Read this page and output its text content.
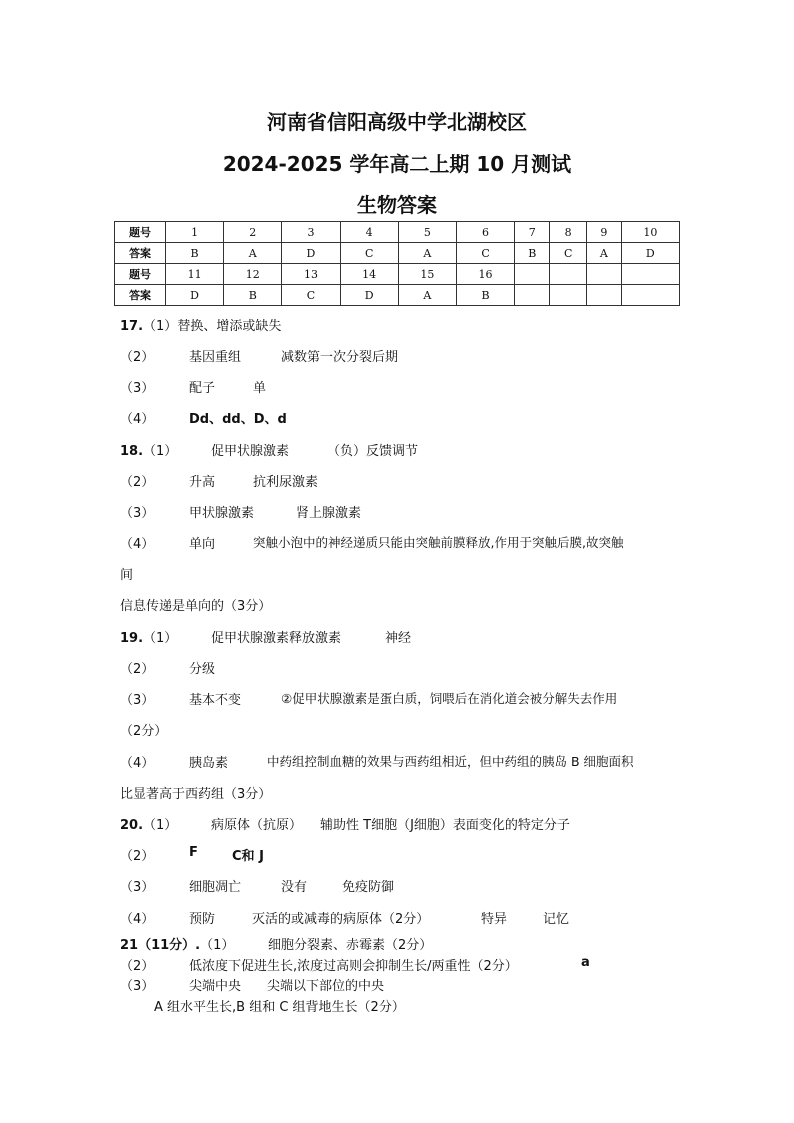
河南省信阳高级中学北湖校区
2024-2025 学年高二上期 10 月测试
生物答案
题号	1	2	3	4	5	6	7	8	9	10
答案	B	A	D	C	A	C	B	C	A	D
题号	11	12	13	14	15	16				
答案	D	B	C	D	A	B				
17.（1）替换、增添或缺失
（2）	基因重组	减数第一次分裂后期
（3）	配子	单
（4）	Dd、dd、D、d
18.（1）	促甲状腺激素	（负）反馈调节
（2）	升高	抗利尿激素
（3）	甲状腺激素	肾上腺激素
（4）	单向	突触小泡中的神经递质只能由突触前膜释放,作用于突触后膜,故突触
间
信息传递是单向的（3分）
19.（1）	促甲状腺激素释放激素	神经
（2）	分级
（3）	基本不变	②促甲状腺激素是蛋白质，饲喂后在消化道会被分解失去作用
（2分）
（4）	胰岛素	中药组控制血糖的效果与西药组相近，但中药组的胰岛 B 细胞面积
比显著高于西药组（3分）
20.（1）	病原体（抗原） 辅助性 T细胞（J细胞）表面变化的特定分子
（2）	F	C和 J
（3）	细胞凋亡	没有	免疫防御
（4）	预防	灭活的或减毒的病原体（2分）	特异	记忆
21（11分）.（1）	细胞分裂素、赤霉素（2分）
（2）	低浓度下促进生长,浓度过高则会抑制生长/两重性（2分）	a
（3）	尖端中央 尖端以下部位的中央
A 组水平生长,B 组和 C 组背地生长（2分）
